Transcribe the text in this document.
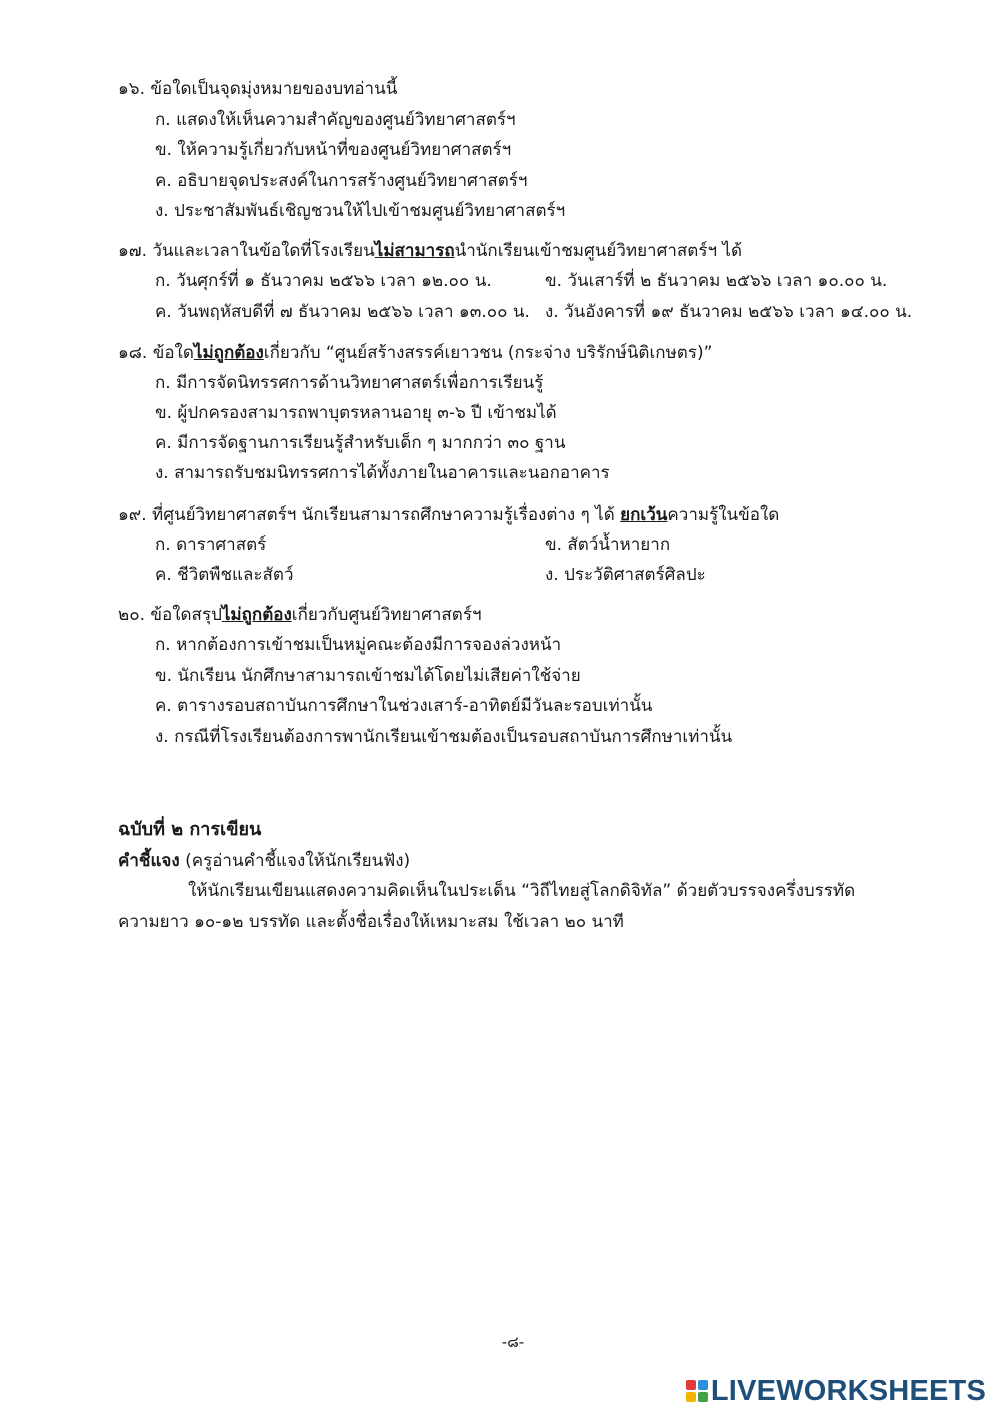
๑๖. ข้อใดเป็นจุดมุ่งหมายของบทอ่านนี้
ก. แสดงให้เห็นความสำคัญของศูนย์วิทยาศาสตร์ฯ
ข. ให้ความรู้เกี่ยวกับหน้าที่ของศูนย์วิทยาศาสตร์ฯ
ค. อธิบายจุดประสงค์ในการสร้างศูนย์วิทยาศาสตร์ฯ
ง. ประชาสัมพันธ์เชิญชวนให้ไปเข้าชมศูนย์วิทยาศาสตร์ฯ
๑๗. วันและเวลาในข้อใดที่โรงเรียนไม่สามารถนำนักเรียนเข้าชมศูนย์วิทยาศาสตร์ฯ ได้
ก. วันศุกร์ที่ ๑ ธันวาคม ๒๕๖๖ เวลา ๑๒.๐๐ น.	ข. วันเสาร์ที่ ๒ ธันวาคม ๒๕๖๖ เวลา ๑๐.๐๐ น.
ค. วันพฤหัสบดีที่ ๗ ธันวาคม ๒๕๖๖ เวลา ๑๓.๐๐ น. ง. วันอังคารที่ ๑๙ ธันวาคม ๒๕๖๖ เวลา ๑๔.๐๐ น.
๑๘. ข้อใดไม่ถูกต้องเกี่ยวกับ “ศูนย์สร้างสรรค์เยาวชน (กระจ่าง บริรักษ์นิติเกษตร)”
ก. มีการจัดนิทรรศการด้านวิทยาศาสตร์เพื่อการเรียนรู้
ข. ผู้ปกครองสามารถพาบุตรหลานอายุ ๓-๖ ปี เข้าชมได้
ค. มีการจัดฐานการเรียนรู้สำหรับเด็ก ๆ มากกว่า ๓๐ ฐาน
ง. สามารถรับชมนิทรรศการได้ทั้งภายในอาคารและนอกอาคาร
๑๙. ที่ศูนย์วิทยาศาสตร์ฯ นักเรียนสามารถศึกษาความรู้เรื่องต่าง ๆ ได้ ยกเว้นความรู้ในข้อใด
ก. ดาราศาสตร์	ข. สัตว์น้ำหายาก
ค. ชีวิตพืชและสัตว์	ง. ประวัติศาสตร์ศิลปะ
๒๐. ข้อใดสรุปไม่ถูกต้องเกี่ยวกับศูนย์วิทยาศาสตร์ฯ
ก. หากต้องการเข้าชมเป็นหมู่คณะต้องมีการจองล่วงหน้า
ข. นักเรียน นักศึกษาสามารถเข้าชมได้โดยไม่เสียค่าใช้จ่าย
ค. ตารางรอบสถาบันการศึกษาในช่วงเสาร์-อาทิตย์มีวันละรอบเท่านั้น
ง. กรณีที่โรงเรียนต้องการพานักเรียนเข้าชมต้องเป็นรอบสถาบันการศึกษาเท่านั้น
ฉบับที่ ๒ การเขียน
คำชี้แจง (ครูอ่านคำชี้แจงให้นักเรียนฟัง)
ให้นักเรียนเขียนแสดงความคิดเห็นในประเด็น “วิถีไทยสู่โลกดิจิทัล” ด้วยตัวบรรจงครึ่งบรรทัด
ความยาว ๑๐-๑๒ บรรทัด และตั้งชื่อเรื่องให้เหมาะสม ใช้เวลา ๒๐ นาที
-๘-
LIVEWORKSHEETS
